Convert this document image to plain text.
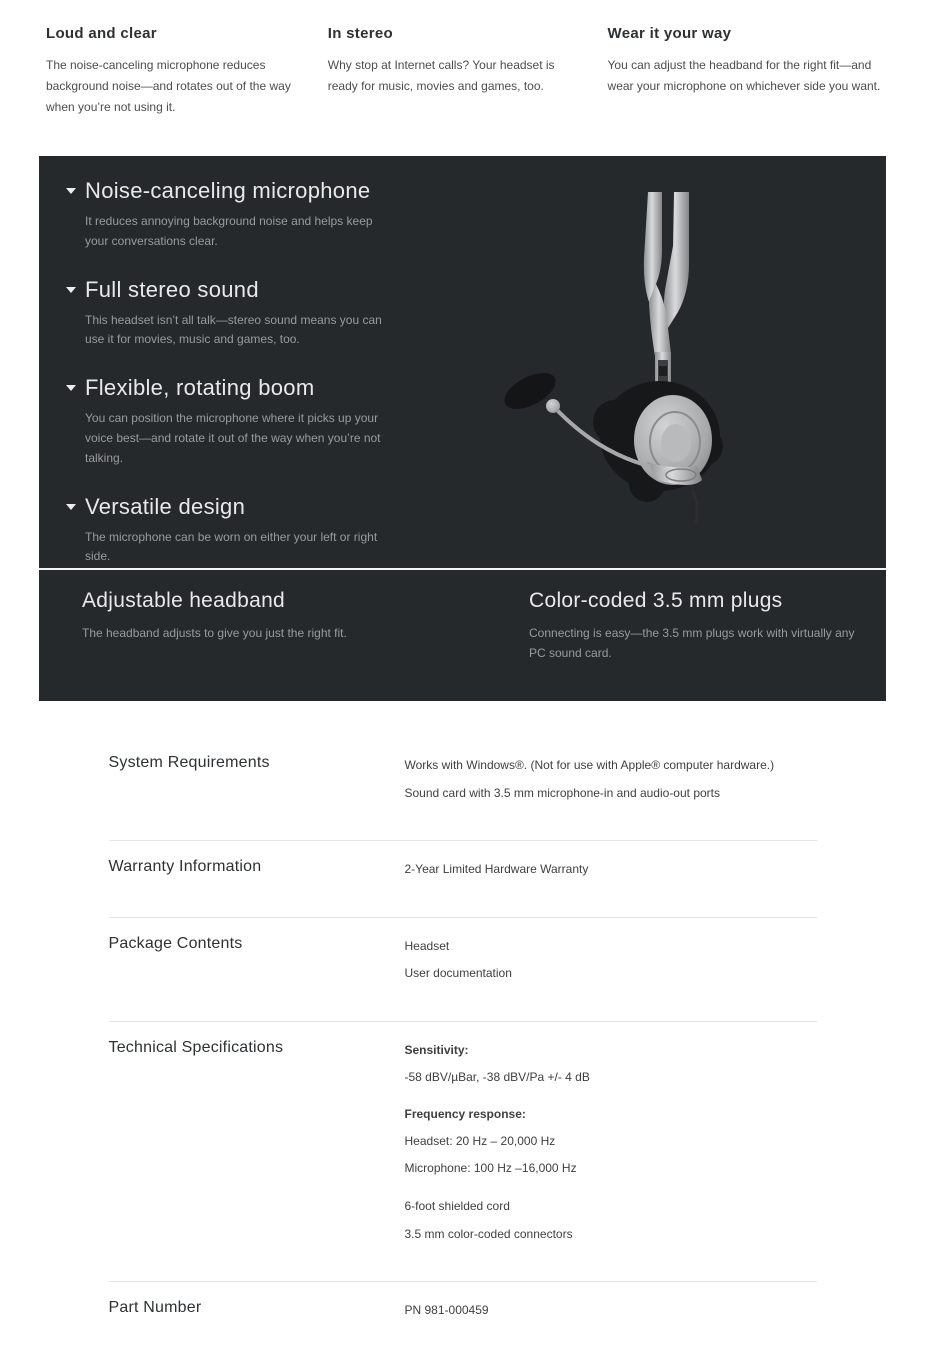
Loud and clear
The noise-canceling microphone reduces background noise—and rotates out of the way when you’re not using it.
In stereo
Why stop at Internet calls? Your headset is ready for music, movies and games, too.
Wear it your way
You can adjust the headband for the right fit—and wear your microphone on whichever side you want.
Noise-canceling microphone
It reduces annoying background noise and helps keep your conversations clear.
Full stereo sound
This headset isn’t all talk—stereo sound means you can use it for movies, music and games, too.
Flexible, rotating boom
You can position the microphone where it picks up your voice best—and rotate it out of the way when you’re not talking.
Versatile design
The microphone can be worn on either your left or right side.
Adjustable headband
The headband adjusts to give you just the right fit.
Color-coded 3.5 mm plugs
Connecting is easy—the 3.5 mm plugs work with virtually any PC sound card.
System Requirements	Works with Windows®. (Not for use with Apple® computer hardware.)

Sound card with 3.5 mm microphone-in and audio-out ports

Warranty Information	2-Year Limited Hardware Warranty

Package Contents	Headset

User documentation

Technical Specifications	Sensitivity:

-58 dBV/µBar, -38 dBV/Pa +/- 4 dB

Frequency response:

Headset: 20 Hz – 20,000 Hz

Microphone: 100 Hz –16,000 Hz

6-foot shielded cord

3.5 mm color-coded connectors

Part Number	PN 981-000459
